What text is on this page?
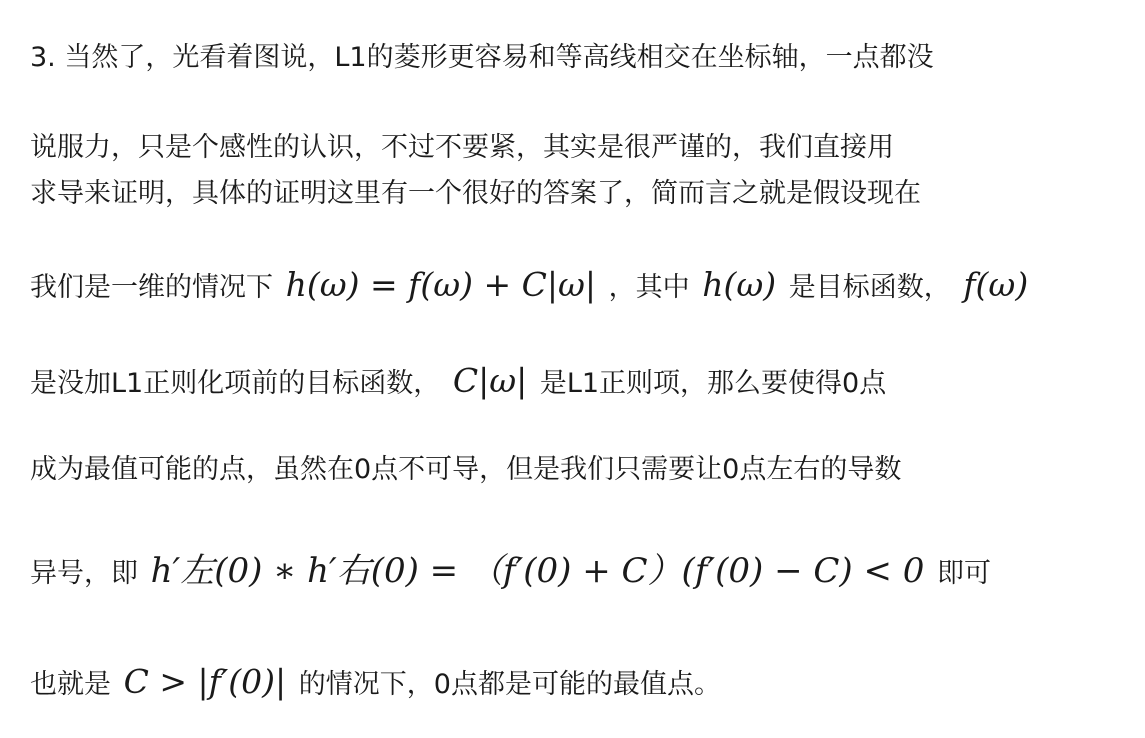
3. 当然了，光看着图说，L1的菱形更容易和等高线相交在坐标轴，一点都没
说服力，只是个感性的认识，不过不要紧，其实是很严谨的，我们直接用
求导来证明，具体的证明这里有一个很好的答案了，简而言之就是假设现在
我们是一维的情况下 h(ω) = f(ω) + C|ω| ，其中 h(ω) 是目标函数， f(ω)
是没加L1正则化项前的目标函数， C|ω| 是L1正则项，那么要使得0点
成为最值可能的点，虽然在0点不可导，但是我们只需要让0点左右的导数
异号，即 h′左(0) ∗ h′右(0) = （f′(0) + C）(f′(0) − C) < 0 即可
也就是 C > |f′(0)| 的情况下，0点都是可能的最值点。
